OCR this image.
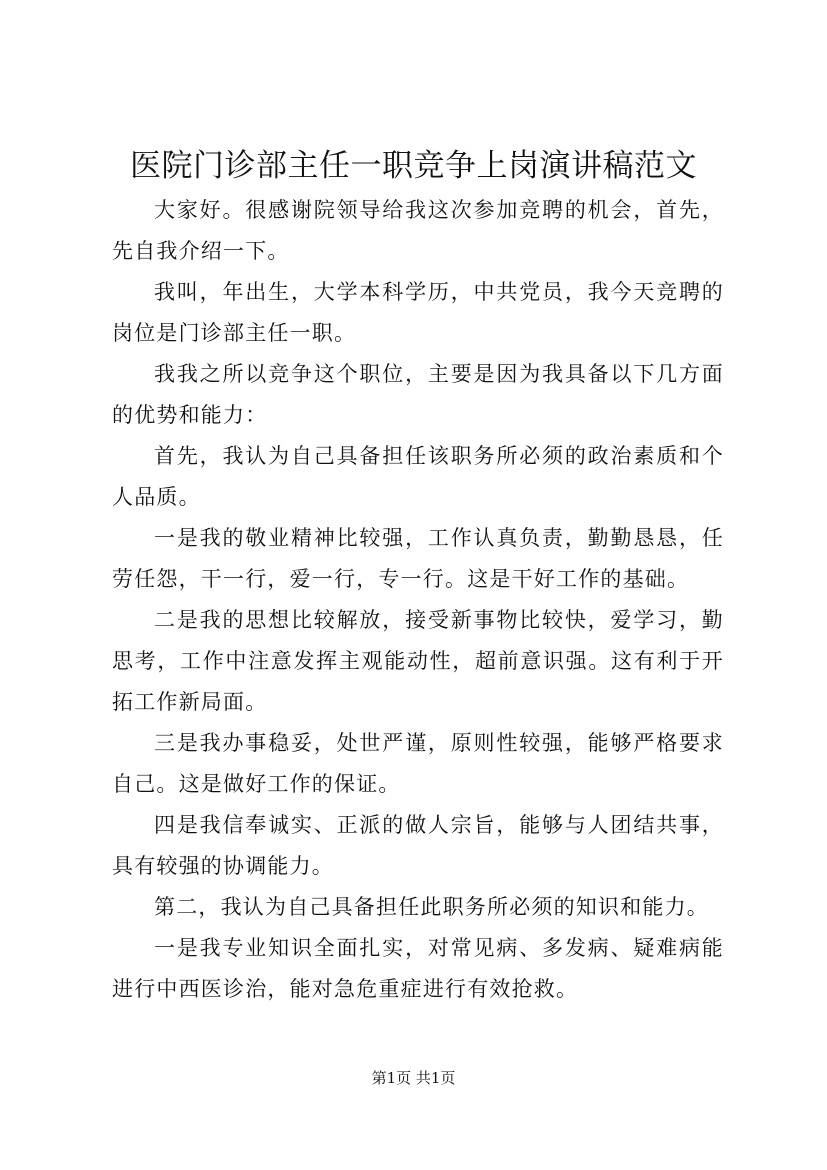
医院门诊部主任一职竞争上岗演讲稿范文

大家好。很感谢院领导给我这次参加竞聘的机会，首先，先自我介绍一下。

我叫，年出生，大学本科学历，中共党员，我今天竞聘的岗位是门诊部主任一职。

我我之所以竞争这个职位，主要是因为我具备以下几方面的优势和能力：

首先，我认为自己具备担任该职务所必须的政治素质和个人品质。

一是我的敬业精神比较强，工作认真负责，勤勤恳恳，任劳任怨，干一行，爱一行，专一行。这是干好工作的基础。

二是我的思想比较解放，接受新事物比较快，爱学习，勤思考，工作中注意发挥主观能动性，超前意识强。这有利于开拓工作新局面。

三是我办事稳妥，处世严谨，原则性较强，能够严格要求自己。这是做好工作的保证。

四是我信奉诚实、正派的做人宗旨，能够与人团结共事，具有较强的协调能力。

第二，我认为自己具备担任此职务所必须的知识和能力。

一是我专业知识全面扎实，对常见病、多发病、疑难病能进行中西医诊治，能对急危重症进行有效抢救。

第1页 共1页
